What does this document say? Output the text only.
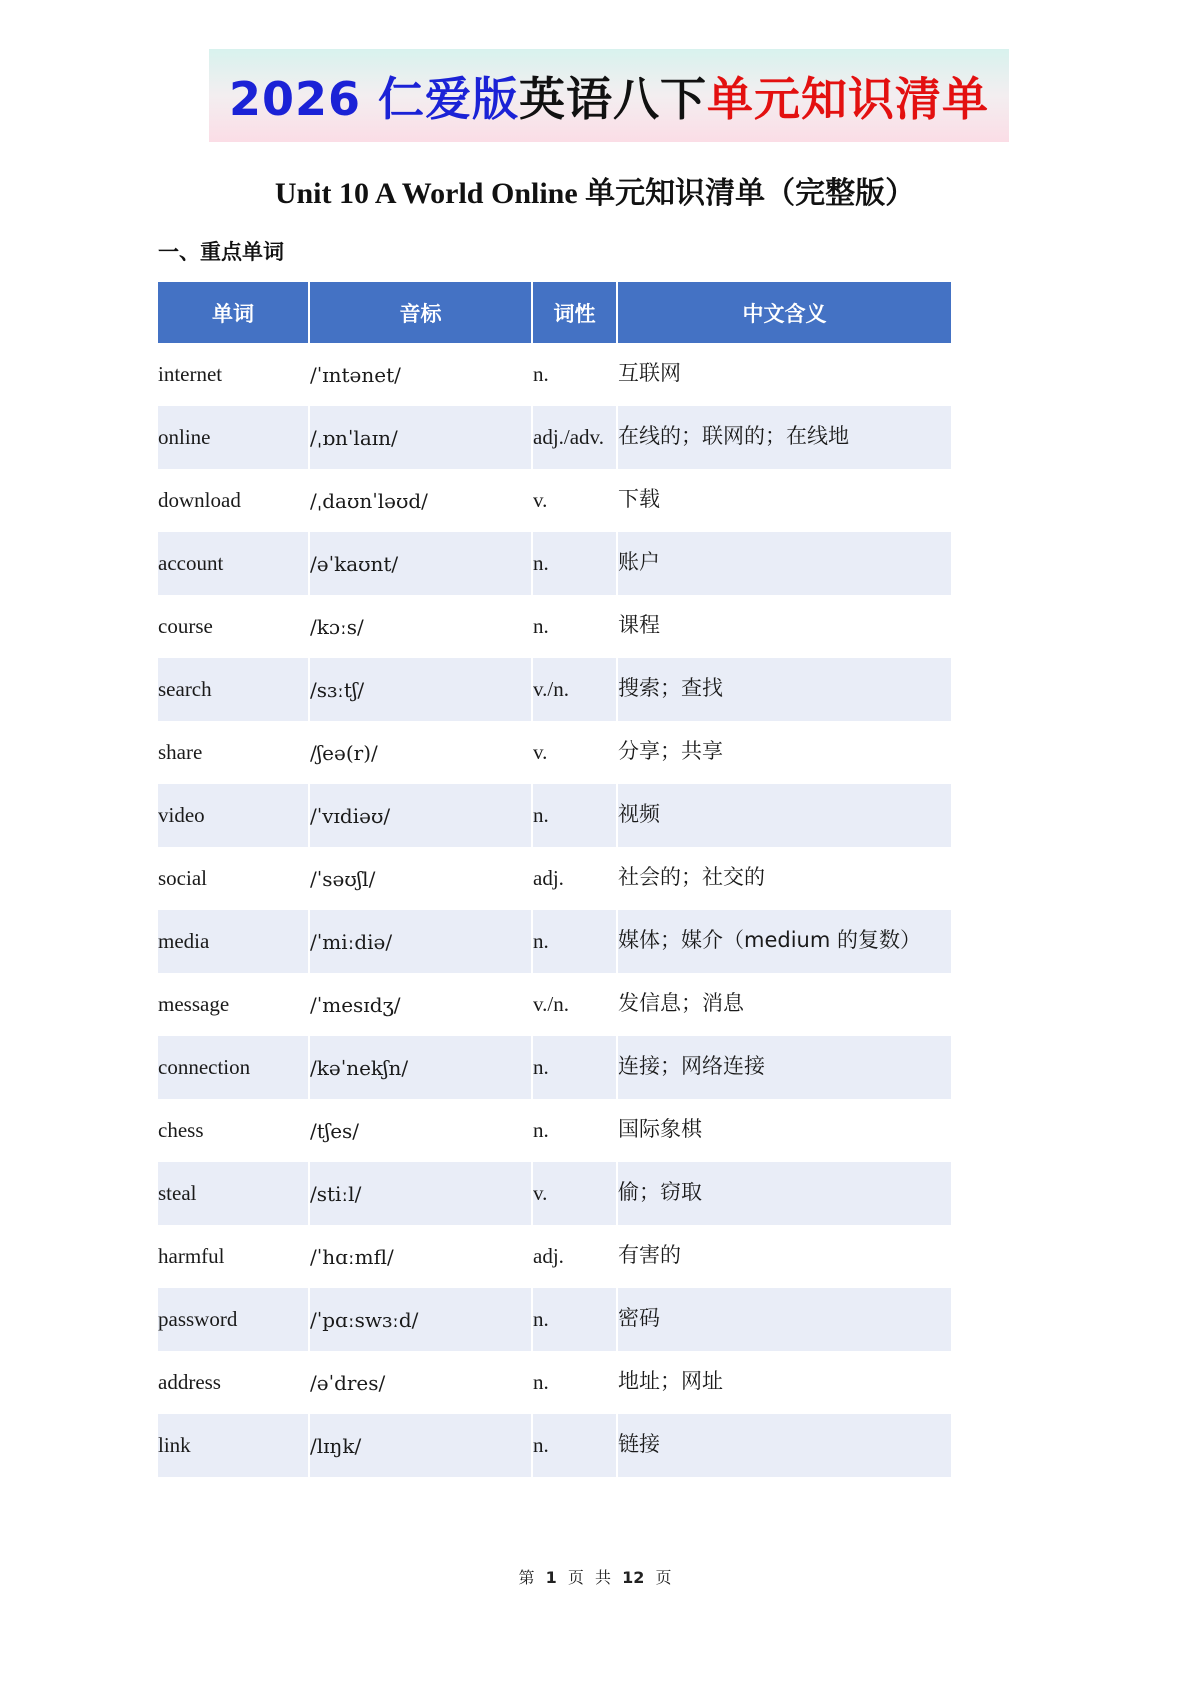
2026 仁爱版 英语八下 单元知识清单
Unit 10 A World Online 单元知识清单（完整版）
一、重点单词
单词	音标	词性	中文含义
internet	/ˈɪntənet/	n.	互联网
online	/ˌɒnˈlaɪn/	adj./adv.	在线的；联网的；在线地
download	/ˌdaʊnˈləʊd/	v.	下载
account	/əˈkaʊnt/	n.	账户
course	/kɔːs/	n.	课程
search	/sɜːtʃ/	v./n.	搜索；查找
share	/ʃeə(r)/	v.	分享；共享
video	/ˈvɪdiəʊ/	n.	视频
social	/ˈsəʊʃl/	adj.	社会的；社交的
media	/ˈmiːdiə/	n.	媒体；媒介（medium 的复数）
message	/ˈmesɪdʒ/	v./n.	发信息；消息
connection	/kəˈnekʃn/	n.	连接；网络连接
chess	/tʃes/	n.	国际象棋
steal	/stiːl/	v.	偷；窃取
harmful	/ˈhɑːmfl/	adj.	有害的
password	/ˈpɑːswɜːd/	n.	密码
address	/əˈdres/	n.	地址；网址
link	/lɪŋk/	n.	链接
第 1 页 共 12 页
